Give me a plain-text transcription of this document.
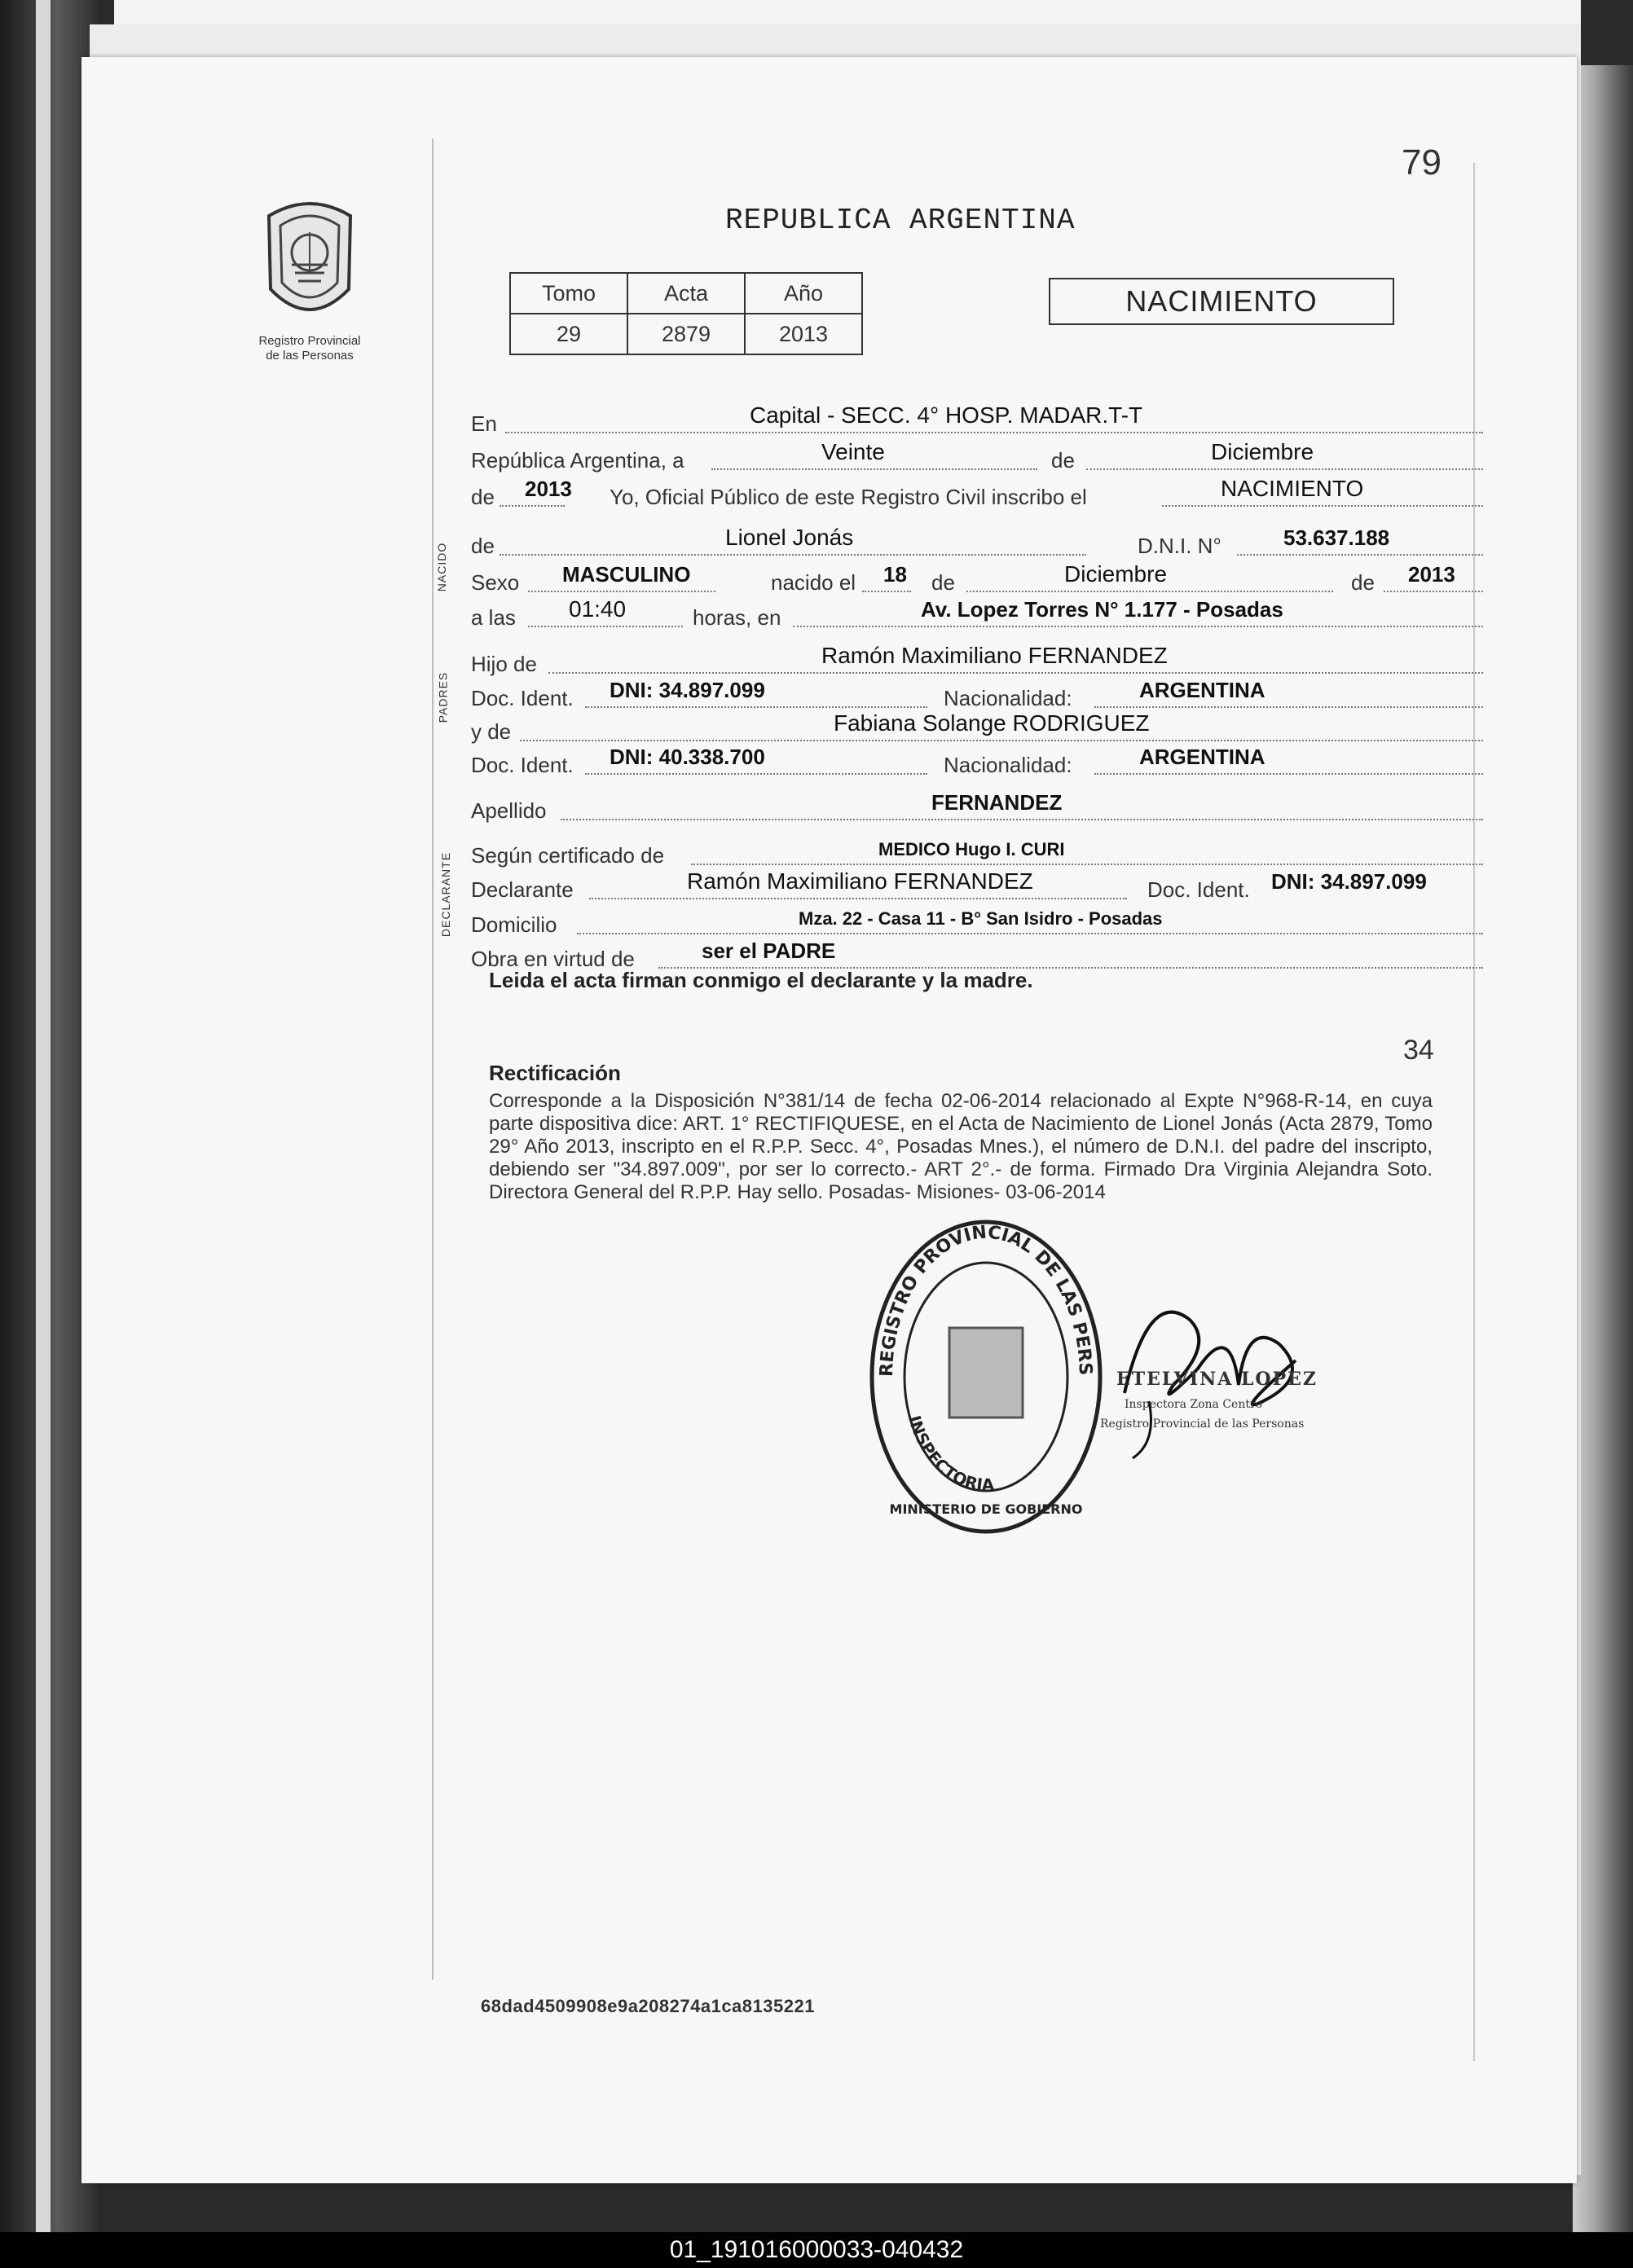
79
Registro Provincial
de las Personas
REPUBLICA ARGENTINA
Tomo	Acta	Año
29	2879	2013
NACIMIENTO
NACIDO
PADRES
DECLARANTE
En	Capital - SECC. 4° HOSP. MADAR.T-T
República Argentina, a	Veinte	de	Diciembre
de 2013 Yo, Oficial Público de este Registro Civil inscribo el	NACIMIENTO
de	Lionel Jonás	D.N.I. N°	53.637.188
Sexo MASCULINO	nacido el 18 de	Diciembre	de 2013
a las 01:40	horas, en	Av. Lopez Torres N° 1.177 - Posadas
Hijo de	Ramón Maximiliano FERNANDEZ
Doc. Ident. DNI: 34.897.099	Nacionalidad:	ARGENTINA
y de	Fabiana Solange RODRIGUEZ
Doc. Ident. DNI: 40.338.700	Nacionalidad:	ARGENTINA
Apellido	FERNANDEZ
Según certificado de	MEDICO Hugo I. CURI
Declarante	Ramón Maximiliano FERNANDEZ	Doc. Ident. DNI: 34.897.099
Domicilio	Mza. 22 - Casa 11 - B° San Isidro - Posadas
Obra en virtud de	ser el PADRE
Leida el acta firman conmigo el declarante y la madre.
34
Rectificación
Corresponde a la Disposición N°381/14 de fecha 02-06-2014 relacionado al Expte N°968-R-14, en cuya parte dispositiva dice: ART. 1° RECTIFIQUESE, en el Acta de Nacimiento de Lionel Jonás (Acta 2879, Tomo 29° Año 2013, inscripto en el R.P.P. Secc. 4°, Posadas Mnes.), el número de D.N.I. del padre del inscripto, debiendo ser "34.897.009", por ser lo correcto.- ART 2°.- de forma. Firmado Dra Virginia Alejandra Soto. Directora General del R.P.P. Hay sello. Posadas- Misiones- 03-06-2014
REGISTRO PROVINCIAL DE LAS PERS
INSPECTORIA
MINISTERIO DE GOBIERNO
ETELVINA LOPEZ
Inspectora Zona Centro
Registro Provincial de las Personas
68dad4509908e9a208274a1ca8135221
01_191016000033-040432
